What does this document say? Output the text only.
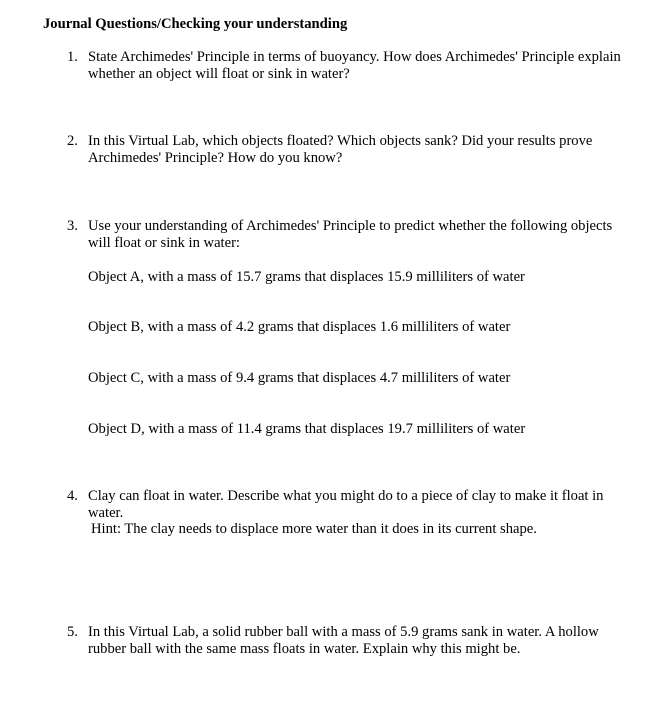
Journal Questions/Checking your understanding
1. State Archimedes' Principle in terms of buoyancy. How does Archimedes' Principle explain whether an object will float or sink in water?
2. In this Virtual Lab, which objects floated? Which objects sank? Did your results prove Archimedes' Principle? How do you know?
3. Use your understanding of Archimedes' Principle to predict whether the following objects will float or sink in water:
Object A, with a mass of 15.7 grams that displaces 15.9 milliliters of water
Object B, with a mass of 4.2 grams that displaces 1.6 milliliters of water
Object C, with a mass of 9.4 grams that displaces 4.7 milliliters of water
Object D, with a mass of 11.4 grams that displaces 19.7 milliliters of water
4. Clay can float in water. Describe what you might do to a piece of clay to make it float in water.
Hint: The clay needs to displace more water than it does in its current shape.
5. In this Virtual Lab, a solid rubber ball with a mass of 5.9 grams sank in water. A hollow rubber ball with the same mass floats in water. Explain why this might be.
